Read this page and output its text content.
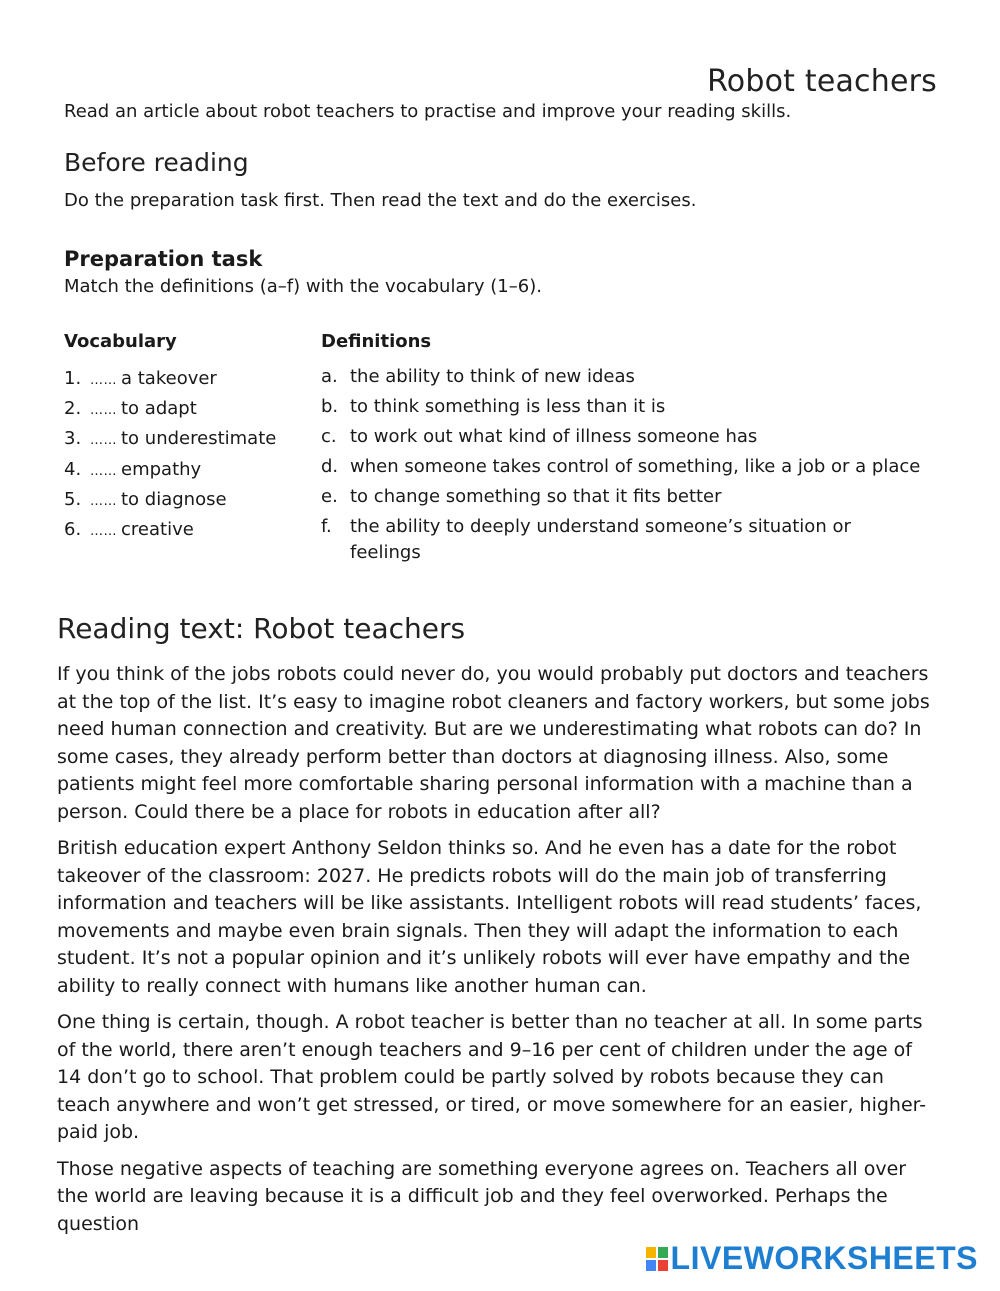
Robot teachers
Read an article about robot teachers to practise and improve your reading skills.
Before reading
Do the preparation task first. Then read the text and do the exercises.
Preparation task
Match the definitions (a–f) with the vocabulary (1–6).
Vocabulary
1. …… a takeover
2. …… to adapt
3. …… to underestimate
4. …… empathy
5. …… to diagnose
6. …… creative
Definitions
a. the ability to think of new ideas
b. to think something is less than it is
c. to work out what kind of illness someone has
d. when someone takes control of something, like a job or a place
e. to change something so that it fits better
f.	the ability to deeply understand someone’s situation or feelings
Reading text: Robot teachers

If you think of the jobs robots could never do, you would probably put doctors and teachers at the top of the list. It’s easy to imagine robot cleaners and factory workers, but some jobs need human connection and creativity. But are we underestimating what robots can do? In some cases, they already perform better than doctors at diagnosing illness. Also, some patients might feel more comfortable sharing personal information with a machine than a person. Could there be a place for robots in education after all?

British education expert Anthony Seldon thinks so. And he even has a date for the robot takeover of the classroom: 2027. He predicts robots will do the main job of transferring information and teachers will be like assistants. Intelligent robots will read students’ faces, movements and maybe even brain signals. Then they will adapt the information to each student. It’s not a popular opinion and it’s unlikely robots will ever have empathy and the ability to really connect with humans like another human can.

One thing is certain, though. A robot teacher is better than no teacher at all. In some parts of the world, there aren’t enough teachers and 9–16 per cent of children under the age of 14 don’t go to school. That problem could be partly solved by robots because they can teach anywhere and won’t get stressed, or tired, or move somewhere for an easier, higher-paid job.

Those negative aspects of teaching are something everyone agrees on. Teachers all over the world are leaving because it is a difficult job and they feel overworked. Perhaps the question

LIVEWORKSHEETS
